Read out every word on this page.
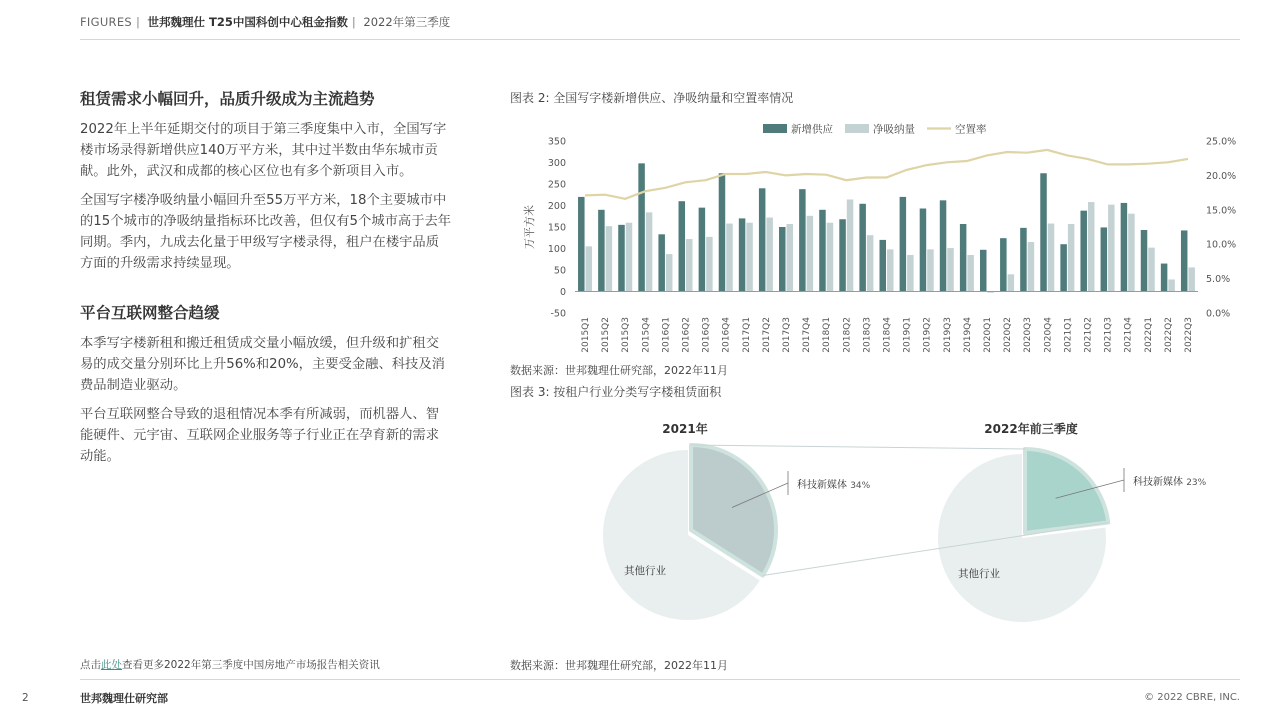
FIGURES | 世邦魏理仕 T25中国科创中心租金指数 | 2022年第三季度
租赁需求小幅回升，品质升级成为主流趋势

2022年上半年延期交付的项目于第三季度集中入市，全国写字楼市场录得新增供应140万平方米，其中过半数由华东城市贡献。此外，武汉和成都的核心区位也有多个新项目入市。

全国写字楼净吸纳量小幅回升至55万平方米，18个主要城市中的15个城市的净吸纳量指标环比改善，但仅有5个城市高于去年同期。季内，九成去化量于甲级写字楼录得，租户在楼宇品质方面的升级需求持续显现。

平台互联网整合趋缓

本季写字楼新租和搬迁租赁成交量小幅放缓，但升级和扩租交易的成交量分别环比上升56%和20%，主要受金融、科技及消费品制造业驱动。

平台互联网整合导致的退租情况本季有所减弱，而机器人、智能硬件、元宇宙、互联网企业服务等子行业正在孕育新的需求动能。

点击此处查看更多2022年第三季度中国房地产市场报告相关资讯
图表 2: 全国写字楼新增供应、净吸纳量和空置率情况
-50
0
50
100
150
200
250
300
350
0.0%
5.0%
10.0%
15.0%
20.0%
25.0%
万平方米
2015Q1 2015Q2 2015Q3 2015Q4 2016Q1 2016Q2 2016Q3 2016Q4 2017Q1 2017Q2 2017Q3 2017Q4 2018Q1 2018Q2 2018Q3 2018Q4 2019Q1 2019Q2 2019Q3 2019Q4 2020Q1 2020Q2 2020Q3 2020Q4 2021Q1 2021Q2 2021Q3 2021Q4 2022Q1 2022Q2 2022Q3
新增供应	净吸纳量	空置率
数据来源：世邦魏理仕研究部，2022年11月
图表 3: 按租户行业分类写字楼租赁面积
2021年
其他行业
科技新媒体 34%
2022年前三季度
其他行业
科技新媒体 23%
数据来源：世邦魏理仕研究部，2022年11月
2	世邦魏理仕研究部	© 2022 CBRE, INC.
